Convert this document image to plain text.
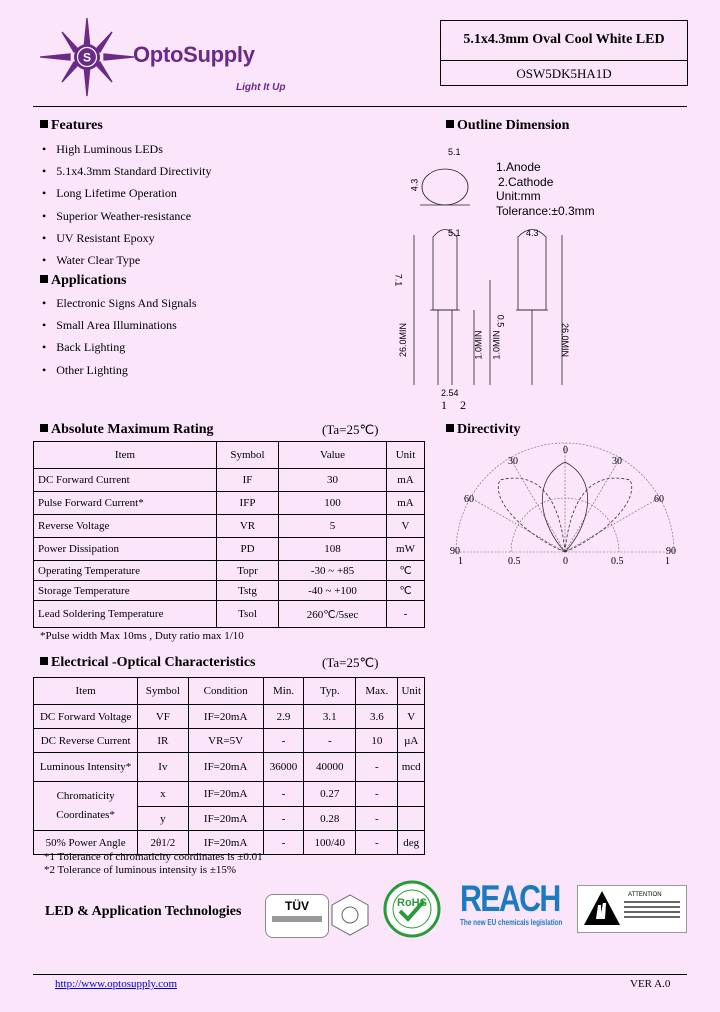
S OptoSupply
Light It Up
5.1x4.3mm Oval Cool White LED
OSW5DK5HA1D
Features
• High Luminous LEDs
• 5.1x4.3mm Standard Directivity
• Long Lifetime Operation
• Superior Weather-resistance
• UV Resistant Epoxy
• Water Clear Type
Applications
• Electronic Signs And Signals
• Small Area Illuminations
• Back Lighting
• Other Lighting
Outline Dimension
5.1
4.3
5.1	4.3
7.1
26.0MIN	26.0MIN
1.0MIN 1.0MIN
0.5
2.54
1 2
1.Anode
2.Cathode
Unit:mm
Tolerance:±0.3mm
Absolute Maximum Rating	(Ta=25℃)
Item	Symbol	Value	Unit
DC Forward Current	IF	30	mA
Pulse Forward Current*	IFP	100	mA
Reverse Voltage	VR	5	V
Power Dissipation	PD	108	mW
Operating Temperature	Topr	-30 ~ +85	℃
Storage Temperature	Tstg	-40 ~ +100	℃
Lead Soldering Temperature	Tsol	260℃/5sec	-
*Pulse width Max 10ms , Duty ratio max 1/10
Directivity
0
30	30
60	60
90	90
1	0.5	0	0.5	1
Electrical -Optical Characteristics	(Ta=25℃)
Item	Symbol	Condition	Min.	Typ.	Max.	Unit
DC Forward Voltage	VF	IF=20mA	2.9	3.1	3.6	V
DC Reverse Current	IR	VR=5V	-	-	10	µA
Luminous Intensity*	Iv	IF=20mA	36000	40000	-	mcd
Chromaticity
Coordinates*	x	IF=20mA	-	0.27	-	
	y	IF=20mA	-	0.28	-	
50% Power Angle	2θ1/2	IF=20mA	-	100/40	-	deg
*1 Tolerance of chromaticity coordinates is ±0.01
*2 Tolerance of luminous intensity is ±15%
LED & Application Technologies	TÜV	RoHS REACH
The new EU chemicals legislation
ATTENTION
http://www.optosupply.com	VER A.0
